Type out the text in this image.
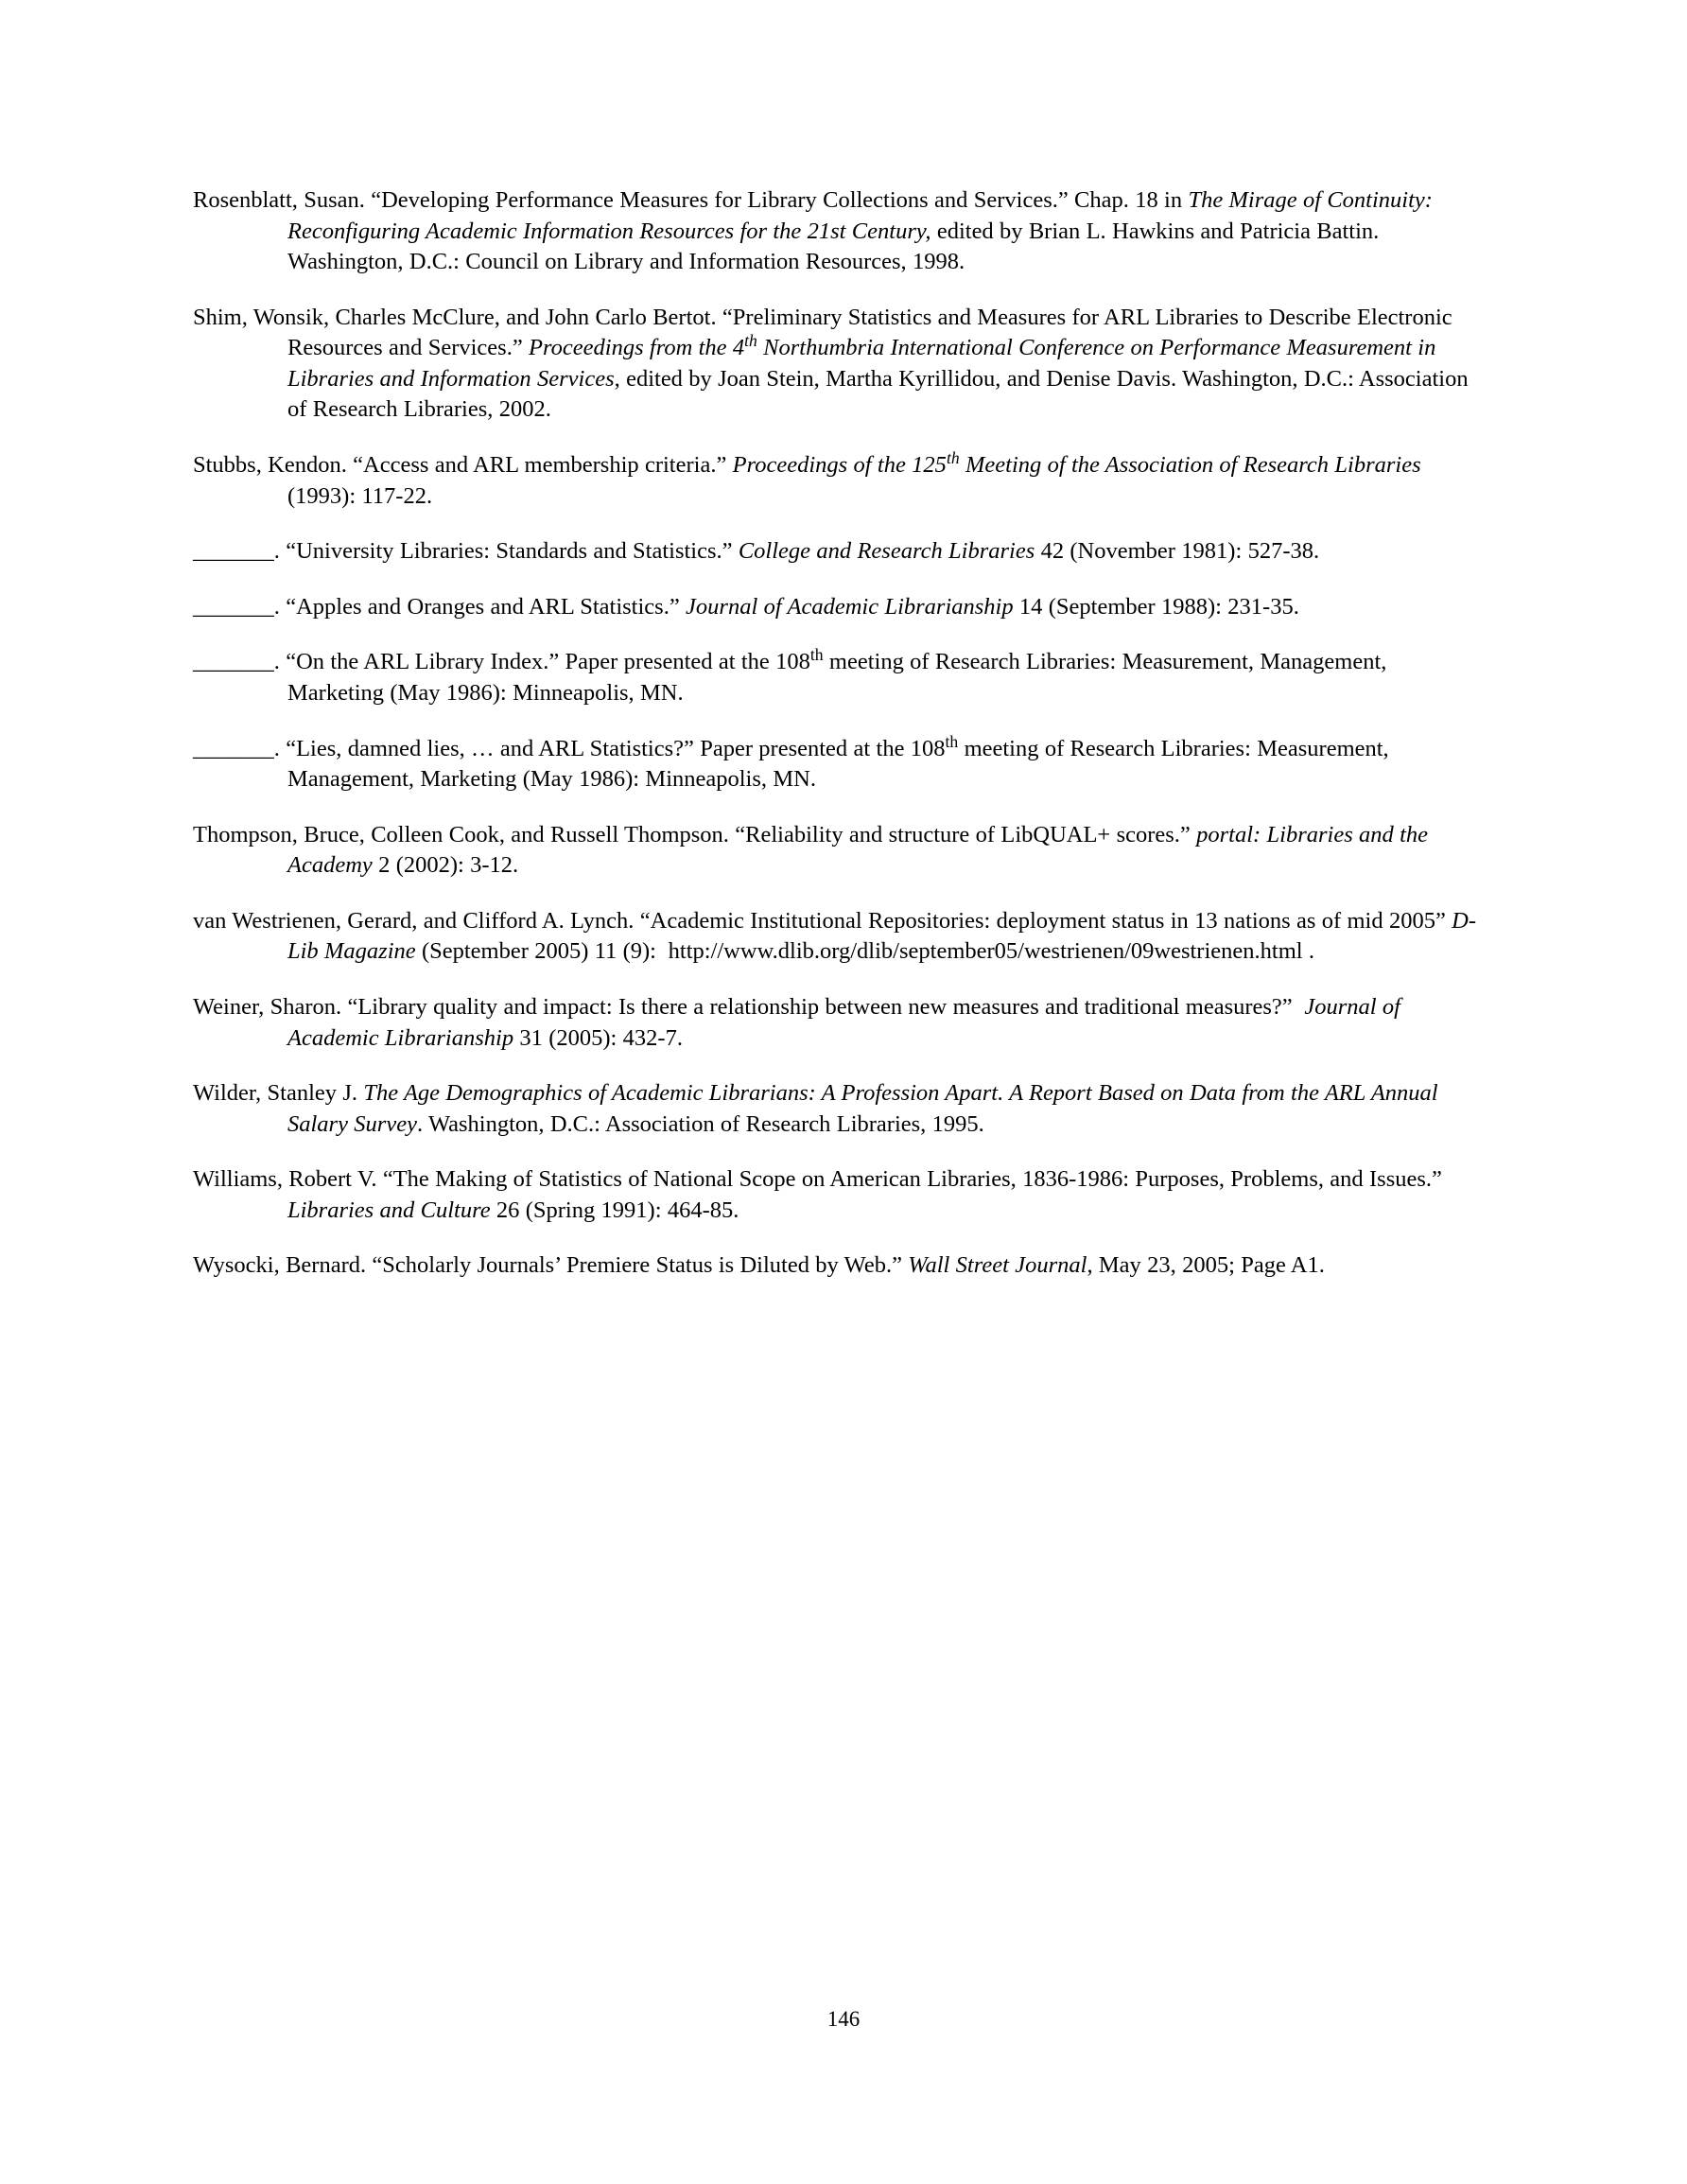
Rosenblatt, Susan. “Developing Performance Measures for Library Collections and Services.” Chap. 18 in The Mirage of Continuity: Reconfiguring Academic Information Resources for the 21st Century, edited by Brian L. Hawkins and Patricia Battin. Washington, D.C.: Council on Library and Information Resources, 1998.

Shim, Wonsik, Charles McClure, and John Carlo Bertot. “Preliminary Statistics and Measures for ARL Libraries to Describe Electronic Resources and Services.” Proceedings from the 4th Northumbria International Conference on Performance Measurement in Libraries and Information Services, edited by Joan Stein, Martha Kyrillidou, and Denise Davis. Washington, D.C.: Association of Research Libraries, 2002.

Stubbs, Kendon. “Access and ARL membership criteria.” Proceedings of the 125th Meeting of the Association of Research Libraries (1993): 117-22.

_______. “University Libraries: Standards and Statistics.” College and Research Libraries 42 (November 1981): 527-38.

_______. “Apples and Oranges and ARL Statistics.” Journal of Academic Librarianship 14 (September 1988): 231-35.

_______. “On the ARL Library Index.” Paper presented at the 108th meeting of Research Libraries: Measurement, Management, Marketing (May 1986): Minneapolis, MN.

_______. “Lies, damned lies, … and ARL Statistics?” Paper presented at the 108th meeting of Research Libraries: Measurement, Management, Marketing (May 1986): Minneapolis, MN.

Thompson, Bruce, Colleen Cook, and Russell Thompson. “Reliability and structure of LibQUAL+ scores.” portal: Libraries and the Academy 2 (2002): 3-12.

van Westrienen, Gerard, and Clifford A. Lynch. “Academic Institutional Repositories: deployment status in 13 nations as of mid 2005” D-Lib Magazine (September 2005) 11 (9):  http://www.dlib.org/dlib/september05/westrienen/09westrienen.html .

Weiner, Sharon. “Library quality and impact: Is there a relationship between new measures and traditional measures?”  Journal of Academic Librarianship 31 (2005): 432-7.

Wilder, Stanley J. The Age Demographics of Academic Librarians: A Profession Apart. A Report Based on Data from the ARL Annual Salary Survey. Washington, D.C.: Association of Research Libraries, 1995.

Williams, Robert V. “The Making of Statistics of National Scope on American Libraries, 1836-1986: Purposes, Problems, and Issues.” Libraries and Culture 26 (Spring 1991): 464-85.

Wysocki, Bernard. “Scholarly Journals’ Premiere Status is Diluted by Web.” Wall Street Journal, May 23, 2005; Page A1.

146
